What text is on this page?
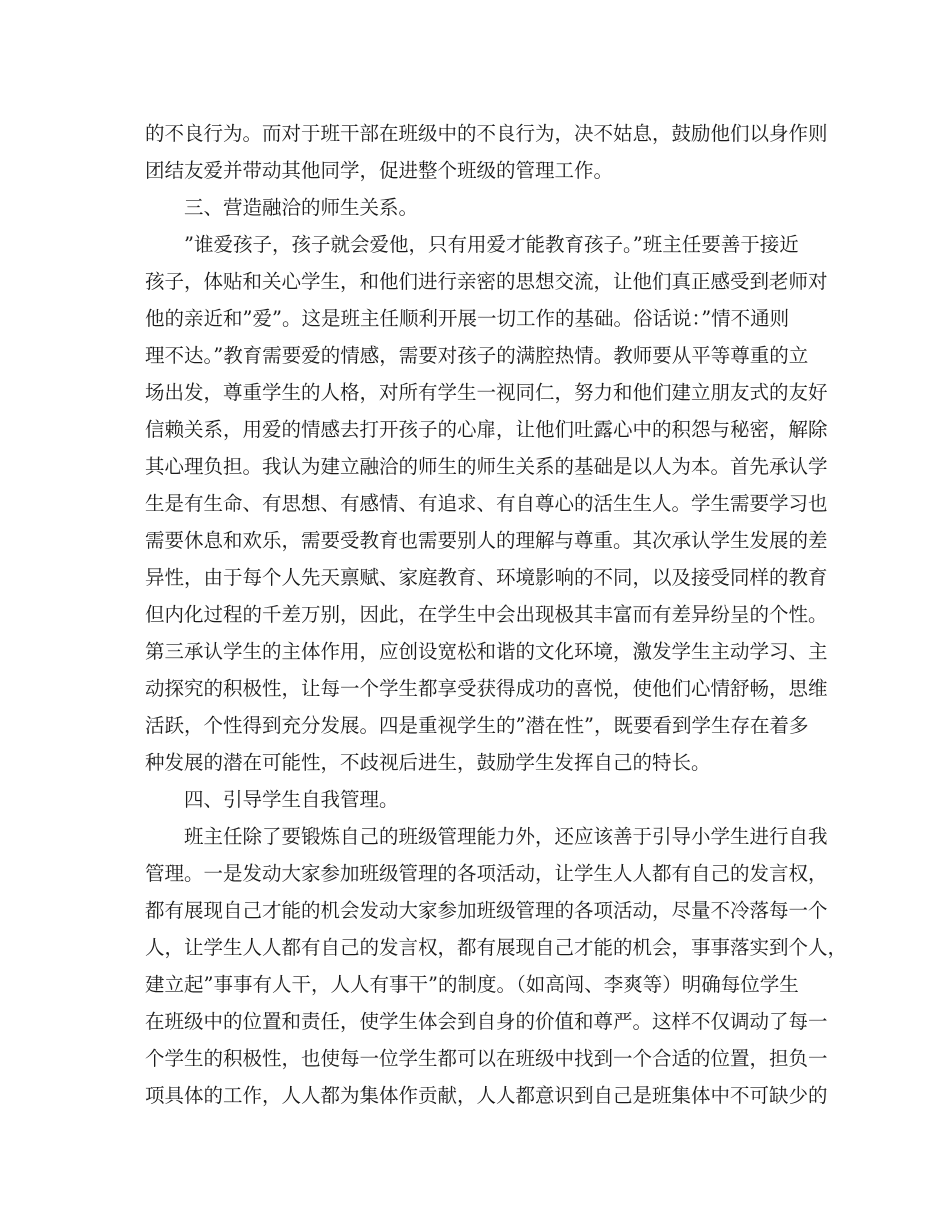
的不良行为。而对于班干部在班级中的不良行为，决不姑息，鼓励他们以身作则
团结友爱并带动其他同学，促进整个班级的管理工作。
　　三、营造融洽的师生关系。
　　”谁爱孩子，孩子就会爱他，只有用爱才能教育孩子。”班主任要善于接近
孩子，体贴和关心学生，和他们进行亲密的思想交流，让他们真正感受到老师对
他的亲近和”爱”。这是班主任顺利开展一切工作的基础。俗话说：”情不通则
理不达。”教育需要爱的情感，需要对孩子的满腔热情。教师要从平等尊重的立
场出发，尊重学生的人格，对所有学生一视同仁，努力和他们建立朋友式的友好
信赖关系，用爱的情感去打开孩子的心扉，让他们吐露心中的积怨与秘密，解除
其心理负担。我认为建立融洽的师生的师生关系的基础是以人为本。首先承认学
生是有生命、有思想、有感情、有追求、有自尊心的活生生人。学生需要学习也
需要休息和欢乐，需要受教育也需要别人的理解与尊重。其次承认学生发展的差
异性，由于每个人先天禀赋、家庭教育、环境影响的不同，以及接受同样的教育
但内化过程的千差万别，因此，在学生中会出现极其丰富而有差异纷呈的个性。
第三承认学生的主体作用，应创设宽松和谐的文化环境，激发学生主动学习、主
动探究的积极性，让每一个学生都享受获得成功的喜悦，使他们心情舒畅，思维
活跃，个性得到充分发展。四是重视学生的”潜在性”，既要看到学生存在着多
种发展的潜在可能性，不歧视后进生，鼓励学生发挥自己的特长。
　　四、引导学生自我管理。
　　班主任除了要锻炼自己的班级管理能力外，还应该善于引导小学生进行自我
管理。一是发动大家参加班级管理的各项活动，让学生人人都有自己的发言权，
都有展现自己才能的机会发动大家参加班级管理的各项活动，尽量不冷落每一个
人，让学生人人都有自己的发言权，都有展现自己才能的机会，事事落实到个人，
建立起”事事有人干，人人有事干”的制度。（如高闯、李爽等）明确每位学生
在班级中的位置和责任，使学生体会到自身的价值和尊严。这样不仅调动了每一
个学生的积极性，也使每一位学生都可以在班级中找到一个合适的位置，担负一
项具体的工作，人人都为集体作贡献，人人都意识到自己是班集体中不可缺少的
